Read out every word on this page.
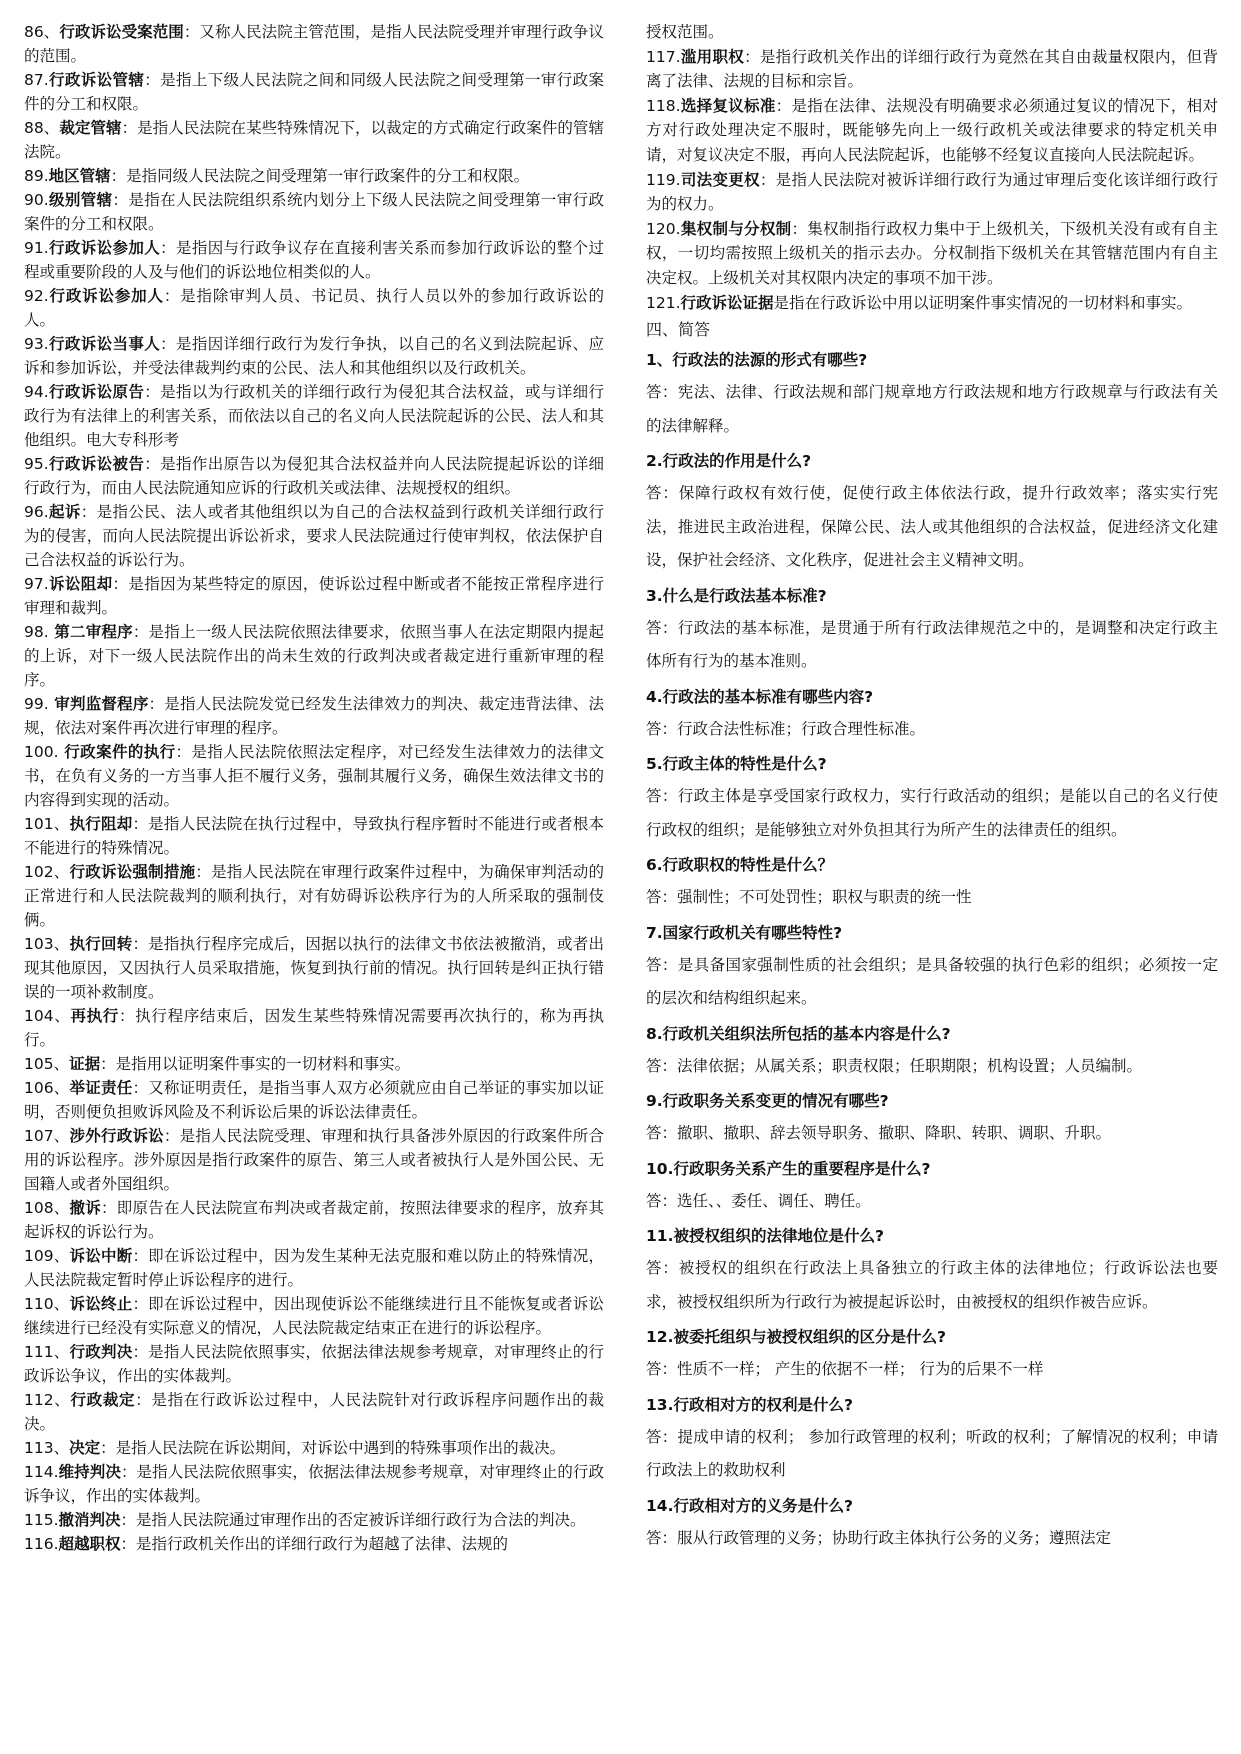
86、行政诉讼受案范围：又称人民法院主管范围，是指人民法院受理并审理行政争议的范围。

87.行政诉讼管辖：是指上下级人民法院之间和同级人民法院之间受理第一审行政案件的分工和权限。

88、裁定管辖：是指人民法院在某些特殊情况下，以裁定的方式确定行政案件的管辖法院。

89.地区管辖：是指同级人民法院之间受理第一审行政案件的分工和权限。

90.级别管辖：是指在人民法院组织系统内划分上下级人民法院之间受理第一审行政案件的分工和权限。

91.行政诉讼参加人：是指因与行政争议存在直接利害关系而参加行政诉讼的整个过程或重要阶段的人及与他们的诉讼地位相类似的人。

92.行政诉讼参加人：是指除审判人员、书记员、执行人员以外的参加行政诉讼的人。

93.行政诉讼当事人：是指因详细行政行为发行争执，以自己的名义到法院起诉、应诉和参加诉讼，并受法律裁判约束的公民、法人和其他组织以及行政机关。

94.行政诉讼原告：是指以为行政机关的详细行政行为侵犯其合法权益，或与详细行政行为有法律上的利害关系，而依法以自己的名义向人民法院起诉的公民、法人和其他组织。电大专科形考

95.行政诉讼被告：是指作出原告以为侵犯其合法权益并向人民法院提起诉讼的详细行政行为，而由人民法院通知应诉的行政机关或法律、法规授权的组织。

96.起诉：是指公民、法人或者其他组织以为自己的合法权益到行政机关详细行政行为的侵害，而向人民法院提出诉讼祈求，要求人民法院通过行使审判权，依法保护自己合法权益的诉讼行为。

97.诉讼阻却：是指因为某些特定的原因，使诉讼过程中断或者不能按正常程序进行审理和裁判。

98. 第二审程序：是指上一级人民法院依照法律要求，依照当事人在法定期限内提起的上诉，对下一级人民法院作出的尚未生效的行政判决或者裁定进行重新审理的程序。

99. 审判监督程序：是指人民法院发觉已经发生法律效力的判决、裁定违背法律、法规，依法对案件再次进行审理的程序。

100. 行政案件的执行：是指人民法院依照法定程序，对已经发生法律效力的法律文书，在负有义务的一方当事人拒不履行义务，强制其履行义务，确保生效法律文书的内容得到实现的活动。

101、执行阻却：是指人民法院在执行过程中，导致执行程序暂时不能进行或者根本不能进行的特殊情况。

102、行政诉讼强制措施：是指人民法院在审理行政案件过程中，为确保审判活动的正常进行和人民法院裁判的顺利执行，对有妨碍诉讼秩序行为的人所采取的强制伎俩。

103、执行回转：是指执行程序完成后，因据以执行的法律文书依法被撤消，或者出现其他原因，又因执行人员采取措施，恢复到执行前的情况。执行回转是纠正执行错误的一项补救制度。

104、再执行：执行程序结束后，因发生某些特殊情况需要再次执行的，称为再执行。

105、证据：是指用以证明案件事实的一切材料和事实。

106、举证责任：又称证明责任，是指当事人双方必须就应由自己举证的事实加以证明，否则便负担败诉风险及不利诉讼后果的诉讼法律责任。

107、涉外行政诉讼：是指人民法院受理、审理和执行具备涉外原因的行政案件所合用的诉讼程序。涉外原因是指行政案件的原告、第三人或者被执行人是外国公民、无国籍人或者外国组织。

108、撤诉：即原告在人民法院宣布判决或者裁定前，按照法律要求的程序，放弃其起诉权的诉讼行为。

109、诉讼中断：即在诉讼过程中，因为发生某种无法克服和难以防止的特殊情况，人民法院裁定暂时停止诉讼程序的进行。

110、诉讼终止：即在诉讼过程中，因出现使诉讼不能继续进行且不能恢复或者诉讼继续进行已经没有实际意义的情况，人民法院裁定结束正在进行的诉讼程序。

111、行政判决：是指人民法院依照事实，依据法律法规参考规章，对审理终止的行政诉讼争议，作出的实体裁判。

112、行政裁定：是指在行政诉讼过程中，人民法院针对行政诉程序问题作出的裁决。

113、决定：是指人民法院在诉讼期间，对诉讼中遇到的特殊事项作出的裁决。

114.维持判决：是指人民法院依照事实，依据法律法规参考规章，对审理终止的行政诉争议，作出的实体裁判。

115.撤消判决：是指人民法院通过审理作出的否定被诉详细行政行为合法的判决。

116.超越职权：是指行政机关作出的详细行政行为超越了法律、法规的

授权范围。

117.滥用职权：是指行政机关作出的详细行政行为竟然在其自由裁量权限内，但背离了法律、法规的目标和宗旨。

118.选择复议标准：是指在法律、法规没有明确要求必须通过复议的情况下，相对方对行政处理决定不服时，既能够先向上一级行政机关或法律要求的特定机关申请，对复议决定不服，再向人民法院起诉，也能够不经复议直接向人民法院起诉。

119.司法变更权：是指人民法院对被诉详细行政行为通过审理后变化该详细行政行为的权力。

120.集权制与分权制：集权制指行政权力集中于上级机关，下级机关没有或有自主权，一切均需按照上级机关的指示去办。分权制指下级机关在其管辖范围内有自主决定权。上级机关对其权限内决定的事项不加干涉。

121.行政诉讼证据是指在行政诉讼中用以证明案件事实情况的一切材料和事实。

四、简答

1、行政法的法源的形式有哪些?

答：宪法、法律、行政法规和部门规章地方行政法规和地方行政规章与行政法有关的法律解释。

2.行政法的作用是什么?

答：保障行政权有效行使，促使行政主体依法行政，提升行政效率；落实实行宪法，推进民主政治进程，保障公民、法人或其他组织的合法权益，促进经济文化建设，保护社会经济、文化秩序，促进社会主义精神文明。

3.什么是行政法基本标准?

答：行政法的基本标准，是贯通于所有行政法律规范之中的，是调整和决定行政主体所有行为的基本准则。

4.行政法的基本标准有哪些内容?

答：行政合法性标准；行政合理性标准。

5.行政主体的特性是什么?

答：行政主体是享受国家行政权力，实行行政活动的组织；是能以自己的名义行使行政权的组织；是能够独立对外负担其行为所产生的法律责任的组织。

6.行政职权的特性是什么？

答：强制性；不可处罚性；职权与职责的统一性

7.国家行政机关有哪些特性?

答：是具备国家强制性质的社会组织；是具备较强的执行色彩的组织；必须按一定的层次和结构组织起来。

8.行政机关组织法所包括的基本内容是什么?

答：法律依据；从属关系；职责权限；任职期限；机构设置；人员编制。

9.行政职务关系变更的情况有哪些?

答：撤职、撤职、辞去领导职务、撤职、降职、转职、调职、升职。

10.行政职务关系产生的重要程序是什么?

答：选任、、委任、调任、聘任。

11.被授权组织的法律地位是什么?

答：被授权的组织在行政法上具备独立的行政主体的法律地位；行政诉讼法也要求，被授权组织所为行政行为被提起诉讼时，由被授权的组织作被告应诉。

12.被委托组织与被授权组织的区分是什么?

答：性质不一样； 产生的依据不一样； 行为的后果不一样

13.行政相对方的权利是什么?

答：提成申请的权利； 参加行政管理的权利；听政的权利；了解情况的权利；申请行政法上的救助权利

14.行政相对方的义务是什么?

答：服从行政管理的义务；协助行政主体执行公务的义务；遵照法定
